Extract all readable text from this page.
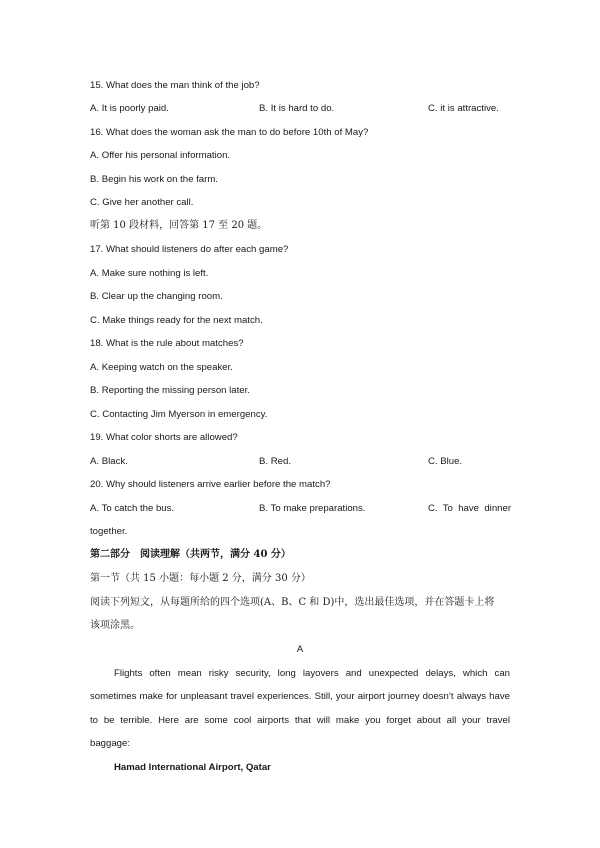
15. What does the man think of the job?
A. It is poorly paid.	B. It is hard to do.	C. it is attractive.
16. What does the woman ask the man to do before 10th of May?
A. Offer his personal information.
B. Begin his work on the farm.
C. Give her another call.
听第 10 段材料，回答第 17 至 20 题。
17. What should listeners do after each game?
A. Make sure nothing is left.
B. Clear up the changing room.
C. Make things ready for the next match.
18. What is the rule about matches?
A. Keeping watch on the speaker.
B. Reporting the missing person later.
C. Contacting Jim Myerson in emergency.
19. What color shorts are allowed?
A. Black.	B. Red.	C. Blue.
20. Why should listeners arrive earlier before the match?
A. To catch the bus.	B. To make preparations.	C.  To  have  dinner
together.
第二部分　阅读理解（共两节，满分 40 分）
第一节（共 15 小题：每小题 2 分，满分 30 分）
阅读下列短文，从每题所给的四个选项(A、B、C 和 D)中，选出最佳选项，并在答题卡上将
该项涂黑。
A
Flights often mean risky security, long layovers and unexpected delays, which can
sometimes make for unpleasant travel experiences. Still, your airport journey doesn’t always have
to be terrible. Here are some cool airports that will make you forget about all your travel
baggage:
Hamad International Airport, Qatar
